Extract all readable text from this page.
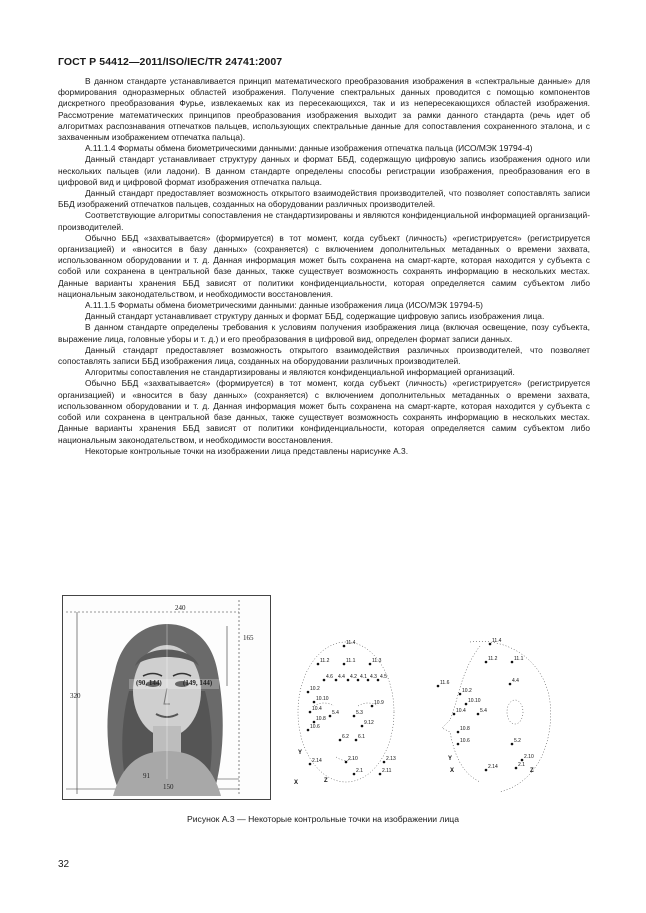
ГОСТ Р 54412—2011/ISO/IEC/TR 24741:2007

В данном стандарте устанавливается принцип математического преобразования изображения в «спектральные данные» для формирования одноразмерных областей изображения. Получение спектральных данных проводится с помощью компонентов дискретного преобразования Фурье, извлекаемых как из пересекающихся, так и из непересекающихся областей изображения. Рассмотрение математических принципов преобразования изображения выходит за рамки данного стандарта (речь идет об алгоритмах распознавания отпечатков пальцев, использующих спектральные данные для сопоставления сохраненного эталона, и с захваченным изображением отпечатка пальца).

А.11.1.4 Форматы обмена биометрическими данными: данные изображения отпечатка пальца (ИСО/МЭК 19794-4)

Данный стандарт устанавливает структуру данных и формат ББД, содержащую цифровую запись изображения одного или нескольких пальцев (или ладони). В данном стандарте определены способы регистрации изображения, преобразования его в цифровой вид и цифровой формат изображения отпечатка пальца.

Данный стандарт предоставляет возможность открытого взаимодействия производителей, что позволяет сопоставлять записи ББД изображений отпечатков пальцев, созданных на оборудовании различных производителей.

Соответствующие алгоритмы сопоставления не стандартизированы и являются конфиденциальной информацией организаций-производителей.

Обычно ББД «захватывается» (формируется) в тот момент, когда субъект (личность) «регистрируется» (регистрируется организацией) и «вносится в базу данных» (сохраняется) с включением дополнительных метаданных о времени захвата, использованном оборудовании и т. д. Данная информация может быть сохранена на смарт-карте, которая находится у субъекта с собой или сохранена в центральной базе данных, также существует возможность сохранять информацию в нескольких местах. Данные варианты хранения ББД зависят от политики конфиденциальности, которая определяется самим субъектом либо национальным законодательством, и необходимости восстановления.

А.11.1.5 Форматы обмена биометрическими данными: данные изображения лица (ИСО/МЭК 19794-5)

Данный стандарт устанавливает структуру данных и формат ББД, содержащие цифровую запись изображения лица.

В данном стандарте определены требования к условиям получения изображения лица (включая освещение, позу субъекта, выражение лица, головные уборы и т. д.) и его преобразования в цифровой вид, определен формат записи данных.

Данный стандарт предоставляет возможность открытого взаимодействия различных производителей, что позволяет сопоставлять записи ББД изображения лица, созданных на оборудовании различных производителей.

Алгоритмы сопоставления не стандартизированы и являются конфиденциальной информацией организаций.

Обычно ББД «захватывается» (формируется) в тот момент, когда субъект (личность) «регистрируется» (регистрируется организацией) и «вносится в базу данных» (сохраняется) с включением дополнительных метаданных о времени захвата, использованном оборудовании и т. д. Данная информация может быть сохранена на смарт-карте, которая находится у субъекта с собой или сохранена в центральной базе данных, также существует возможность сохранять информацию в нескольких местах. Данные варианты хранения ББД зависят от политики конфиденциальности, которая определяется самим субъектом либо национальным законодательством, и необходимости восстановления.

Некоторые контрольные точки на изображении лица представлены нарисунке А.3.

240
320
165
(90, 144)	(149, 144)
91
150
11.4
11.2	11.1	11.3
4.6 4.4 4.2 4.1 4.3 4.5
10.2
10.10
10.4
10.8
10.6
5.4	5.3
10.9
9.12
6.2 6.1
2.14	2.10
2.1
2.13
2.11
Y
X	Z
11.4
11.2	11.1
11.6	4.4
10.2
10.10
10.4
10.8
10.6
5.4
5.2
2.14	2.1
2.10
Y
X	Z
Рисунок А.3 — Некоторые контрольные точки на изображении лица
32
